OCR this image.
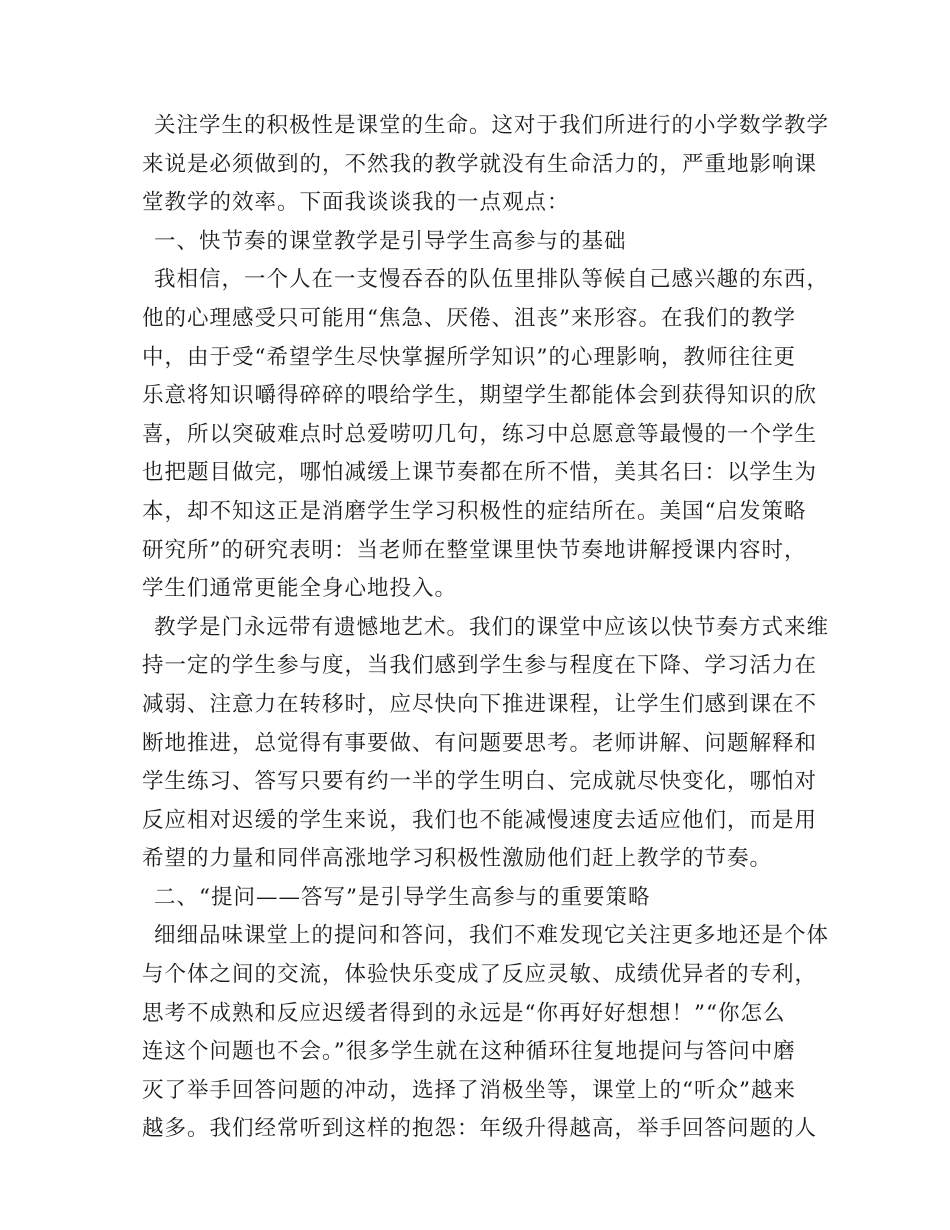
关注学生的积极性是课堂的生命。这对于我们所进行的小学数学教学
来说是必须做到的，不然我的教学就没有生命活力的，严重地影响课
堂教学的效率。下面我谈谈我的一点观点：
一、快节奏的课堂教学是引导学生高参与的基础
我相信，一个人在一支慢吞吞的队伍里排队等候自己感兴趣的东西，
他的心理感受只可能用“焦急、厌倦、沮丧”来形容。在我们的教学
中，由于受“希望学生尽快掌握所学知识”的心理影响，教师往往更
乐意将知识嚼得碎碎的喂给学生，期望学生都能体会到获得知识的欣
喜，所以突破难点时总爱唠叨几句，练习中总愿意等最慢的一个学生
也把题目做完，哪怕减缓上课节奏都在所不惜，美其名曰：以学生为
本，却不知这正是消磨学生学习积极性的症结所在。美国“启发策略
研究所”的研究表明：当老师在整堂课里快节奏地讲解授课内容时，
学生们通常更能全身心地投入。
教学是门永远带有遗憾地艺术。我们的课堂中应该以快节奏方式来维
持一定的学生参与度，当我们感到学生参与程度在下降、学习活力在
减弱、注意力在转移时，应尽快向下推进课程，让学生们感到课在不
断地推进，总觉得有事要做、有问题要思考。老师讲解、问题解释和
学生练习、答写只要有约一半的学生明白、完成就尽快变化，哪怕对
反应相对迟缓的学生来说，我们也不能减慢速度去适应他们，而是用
希望的力量和同伴高涨地学习积极性激励他们赶上教学的节奏。
二、“提问——答写”是引导学生高参与的重要策略
细细品味课堂上的提问和答问，我们不难发现它关注更多地还是个体
与个体之间的交流，体验快乐变成了反应灵敏、成绩优异者的专利，
思考不成熟和反应迟缓者得到的永远是“你再好好想想！”“你怎么
连这个问题也不会。”很多学生就在这种循环往复地提问与答问中磨
灭了举手回答问题的冲动，选择了消极坐等，课堂上的“听众”越来
越多。我们经常听到这样的抱怨：年级升得越高，举手回答问题的人
